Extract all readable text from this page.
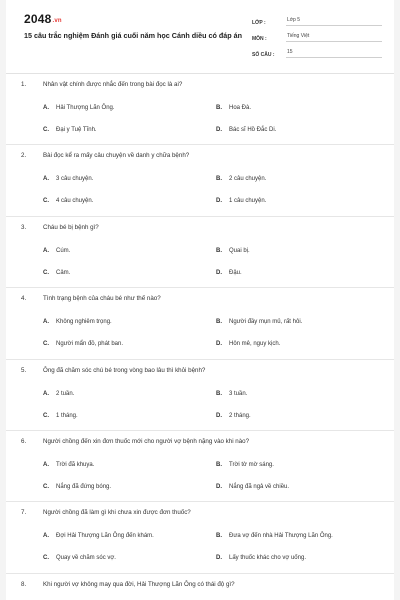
2048.vn
15 câu trắc nghiệm Đánh giá cuối năm học Cánh diều có đáp án
LỚP :	Lớp 5
MÔN :	Tiếng Việt
SỐ CÂU :	15
1.	Nhân vật chính được nhắc đến trong bài đọc là ai?
A. Hải Thượng Lãn Ông.	B. Hoa Đà.
C. Đại y Tuệ Tĩnh.	D. Bác sĩ Hồ Đắc Di.
2.	Bài đọc kể ra mấy câu chuyện về danh y chữa bệnh?
A. 3 câu chuyện.	B. 2 câu chuyện.
C. 4 câu chuyện.	D. 1 câu chuyện.
3.	Cháu bé bị bệnh gì?
A. Cúm.	B. Quai bị.
C. Cảm.	D. Đậu.
4.	Tình trạng bệnh của cháu bé như thế nào?
A. Không nghiêm trọng.	B. Người đầy mụn mủ, rất hôi.
C. Người mẩn đỏ, phát ban.	D. Hôn mê, nguy kịch.
5.	Ông đã chăm sóc chú bé trong vòng bao lâu thì khỏi bệnh?
A. 2 tuần.	B. 3 tuần.
C. 1 tháng.	D. 2 tháng.
6.	Người chồng đến xin đơn thuốc mới cho người vợ bệnh nặng vào khi nào?
A. Trời đã khuya.	B. Trời tờ mờ sáng.
C. Nắng đã đứng bóng.	D. Nắng đã ngả về chiều.
7.	Người chồng đã làm gì khi chưa xin được đơn thuốc?
A. Đợi Hải Thượng Lãn Ông đến khám.	B. Đưa vợ đến nhà Hải Thượng Lãn Ông.
C. Quay về chăm sóc vợ.	D. Lấy thuốc khác cho vợ uống.
8.	Khi người vợ không may qua đời, Hải Thượng Lãn Ông có thái độ gì?
